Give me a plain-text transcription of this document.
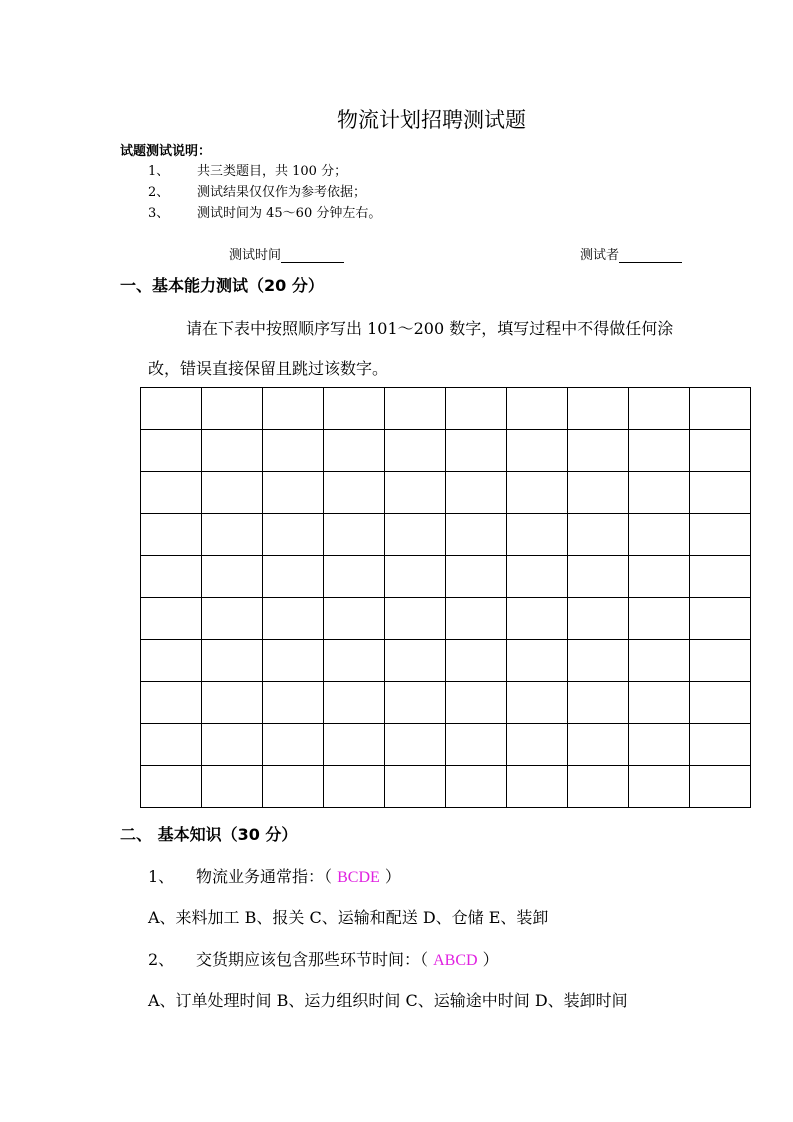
物流计划招聘测试题
试题测试说明：
1、 共三类题目，共 100 分；
2、 测试结果仅仅作为参考依据；
3、 测试时间为 45～60 分钟左右。
测试时间	测试者
一、基本能力测试（20 分）
请在下表中按照顺序写出 101～200 数字，填写过程中不得做任何涂
改，错误直接保留且跳过该数字。

二、 基本知识（30 分）
1、 物流业务通常指：（ BCDE ）
A、来料加工 B、报关 C、运输和配送 D、仓储 E、装卸
2、 交货期应该包含那些环节时间：（ ABCD ）
A、订单处理时间 B、运力组织时间 C、运输途中时间 D、装卸时间
